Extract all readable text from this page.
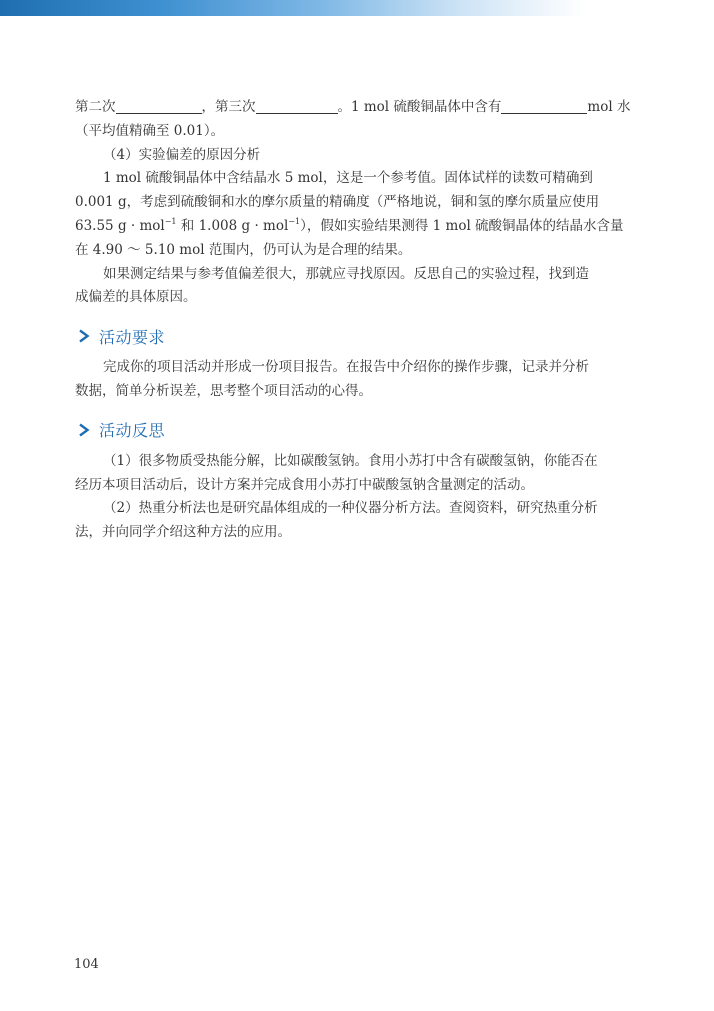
第二次	，第三次	。1 mol 硫酸铜晶体中含有	mol 水
（平均值精确至 0.01）。
（4）实验偏差的原因分析
1 mol 硫酸铜晶体中含结晶水 5 mol，这是一个参考值。固体试样的读数可精确到
0.001 g，考虑到硫酸铜和水的摩尔质量的精确度（严格地说，铜和氢的摩尔质量应使用
63.55 g · mol$^{-1}$ 和 1.008 g · mol$^{-1}$），假如实验结果测得 1 mol 硫酸铜晶体的结晶水含量
在 4.90 ～ 5.10 mol 范围内，仍可认为是合理的结果。
如果测定结果与参考值偏差很大，那就应寻找原因。反思自己的实验过程，找到造
成偏差的具体原因。
活动要求
完成你的项目活动并形成一份项目报告。在报告中介绍你的操作步骤，记录并分析
数据，简单分析误差，思考整个项目活动的心得。
活动反思
（1）很多物质受热能分解，比如碳酸氢钠。食用小苏打中含有碳酸氢钠，你能否在
经历本项目活动后，设计方案并完成食用小苏打中碳酸氢钠含量测定的活动。
（2）热重分析法也是研究晶体组成的一种仪器分析方法。查阅资料，研究热重分析
法，并向同学介绍这种方法的应用。
104
